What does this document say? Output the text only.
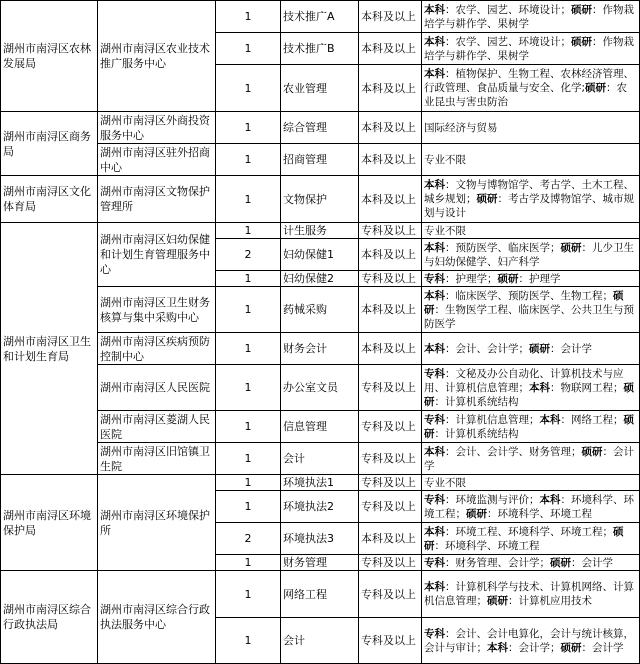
湖州市南浔区农林发展局	湖州市南浔区农业技术推广服务中心	1	技术推广A	本科及以上	本科：农学、园艺、环境设计；硕研：作物栽培学与耕作学、果树学
		1	技术推广B	本科及以上	本科：农学、园艺、环境设计；硕研：作物栽培学与耕作学、果树学
		1	农业管理	本科及以上	本科：植物保护、生物工程、农林经济管理、行政管理、食品质量与安全、化学;硕研：农业昆虫与害虫防治
湖州市南浔区商务局	湖州市南浔区外商投资服务中心	1	综合管理	本科及以上	国际经济与贸易
	湖州市南浔区驻外招商中心	1	招商管理	本科及以上	专业不限
湖州市南浔区文化体育局	湖州市南浔区文物保护管理所	1	文物保护	本科及以上	本科：文物与博物馆学、考古学、土木工程、城乡规划；硕研：考古学及博物馆学、城市规划与设计
湖州市南浔区卫生和计划生育局	湖州市南浔区妇幼保健和计划生育管理服务中心	1	计生服务	专科及以上	专业不限
		2	妇幼保健1	本科及以上	本科：预防医学、临床医学；硕研：儿少卫生与妇幼保健学、妇产科学
		1	妇幼保健2	专科及以上	专科：护理学；硕研：护理学
	湖州市南浔区卫生财务核算与集中采购中心	1	药械采购	本科及以上	本科：临床医学、预防医学、生物工程；硕研：生物医学工程、临床医学、公共卫生与预防医学
	湖州市南浔区疾病预防控制中心	1	财务会计	本科及以上	本科：会计、会计学；硕研：会计学
	湖州市南浔区人民医院	1	办公室文员	专科及以上	专科：文秘及办公自动化、计算机技术与应用、计算机信息管理；本科：物联网工程；硕研：计算机系统结构
	湖州市南浔区菱湖人民医院	1	信息管理	专科及以上	专科：计算机信息管理；本科：网络工程；硕研：计算机系统结构
	湖州市南浔区旧馆镇卫生院	1	会计	专科及以上	本科：会计、会计学、财务管理；硕研：会计学
湖州市南浔区环境保护局	湖州市南浔区环境保护所	1	环境执法1	专科及以上	专业不限
		1	环境执法2	专科及以上	专科：环境监测与评价；本科：环境科学、环境工程；硕研：环境科学、环境工程
		2	环境执法3	本科及以上	本科：环境工程、环境科学、环境工程；硕研：环境科学、环境工程
		1	财务管理	专科及以上	专科：财务管理、会计学；硕研：会计学
湖州市南浔区综合行政执法局	湖州市南浔区综合行政执法服务中心	1	网络工程	专科及以上	本科：计算机科学与技术、计算机网络、计算机信息管理；硕研：计算机应用技术
		1	会计	专科及以上	专科：会计、会计电算化，会计与统计核算，会计与审计；本科：会计学；硕研：会计学
